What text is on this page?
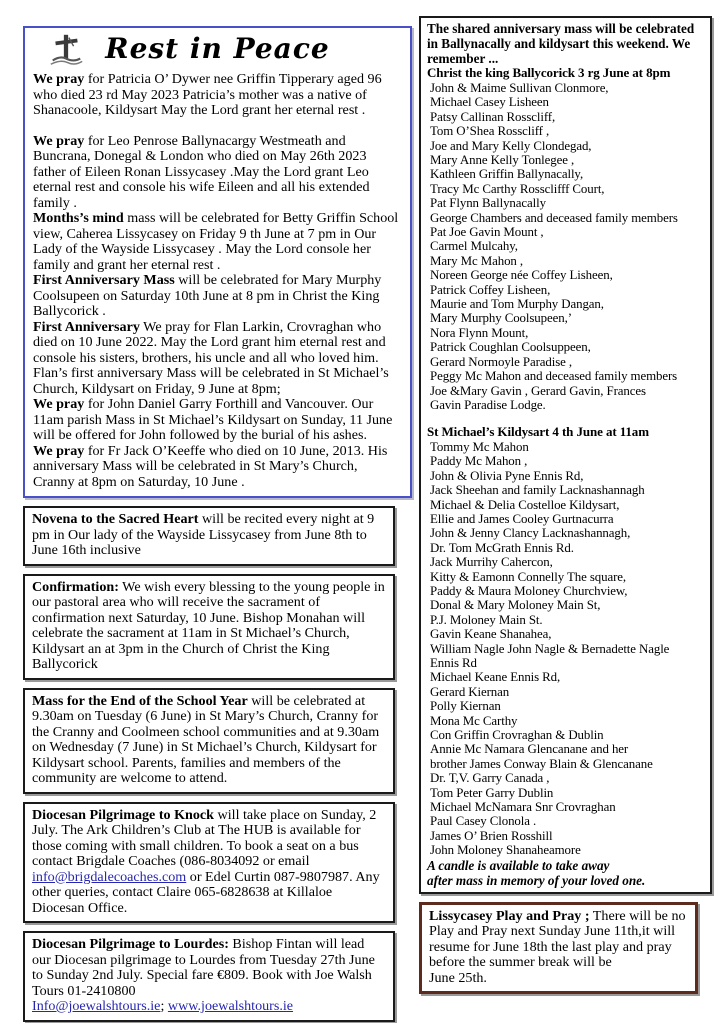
Rest in Peace

We pray for Patricia O’ Dywer nee Griffin Tipperary aged 96 who died 23 rd May 2023 Patricia’s mother was a native of Shanacoole, Kildysart May the Lord grant her eternal rest .

We pray for Leo Penrose Ballynacargy Westmeath and Buncrana, Donegal & London who died on May 26th 2023 father of Eileen Ronan Lissycasey .May the Lord grant Leo eternal rest and console his wife Eileen and all his extended family .

Months’s mind mass will be celebrated for Betty Griffin School view, Caherea Lissycasey on Friday 9 th June at 7 pm in Our Lady of the Wayside Lissycasey . May the Lord console her family and grant her eternal rest .

First Anniversary Mass will be celebrated for Mary Murphy Coolsupeen on Saturday 10th June at 8 pm in Christ the King Ballycorick .

First Anniversary We pray for Flan Larkin, Crovraghan who died on 10 June 2022. May the Lord grant him eternal rest and console his sisters, brothers, his uncle and all who loved him. Flan’s first anniversary Mass will be celebrated in St Michael’s Church, Kildysart on Friday, 9 June at 8pm;

We pray for John Daniel Garry Forthill and Vancouver. Our 11am parish Mass in St Michael’s Kildysart on Sunday, 11 June will be offered for John followed by the burial of his ashes.

We pray for Fr Jack O’Keeffe who died on 10 June, 2013. His anniversary Mass will be celebrated in St Mary’s Church, Cranny at 8pm on Saturday, 10 June .

Novena to the Sacred Heart will be recited every night at 9 pm in Our lady of the Wayside Lissycasey from June 8th to June 16th inclusive

Confirmation: We wish every blessing to the young people in our pastoral area who will receive the sacrament of confirmation next Saturday, 10 June. Bishop Monahan will celebrate the sacrament at 11am in St Michael’s Church, Kildysart an at 3pm in the Church of Christ the King Ballycorick

Mass for the End of the School Year will be celebrated at 9.30am on Tuesday (6 June) in St Mary’s Church, Cranny for the Cranny and Coolmeen school communities and at 9.30am on Wednesday (7 June) in St Michael’s Church, Kildysart for Kildysart school. Parents, families and members of the community are welcome to attend.

Diocesan Pilgrimage to Knock will take place on Sunday, 2 July. The Ark Children’s Club at The HUB is available for those coming with small children. To book a seat on a bus contact Brigdale Coaches (086-8034092 or email info@brigdalecoaches.com or Edel Curtin 087-9807987. Any other queries, contact Claire 065-6828638 at Killaloe Diocesan Office.

Diocesan Pilgrimage to Lourdes: Bishop Fintan will lead our Diocesan pilgrimage to Lourdes from Tuesday 27th June to Sunday 2nd July. Special fare €809. Book with Joe Walsh Tours 01-2410800
Info@joewalshtours.ie; www.joewalshtours.ie

The shared anniversary mass will be celebrated in Ballynacally and kildysart this weekend. We remember ...
Christ the king Ballycorick 3 rg June at 8pm
John & Maime Sullivan Clonmore,
Michael Casey Lisheen
Patsy Callinan Rosscliff,
Tom O’Shea Rosscliff ,
Joe and Mary Kelly Clondegad,
Mary Anne Kelly Tonlegee ,
Kathleen Griffin Ballynacally,
Tracy Mc Carthy Rossclifff Court,
Pat Flynn Ballynacally
George Chambers and deceased family members
Pat Joe Gavin Mount ,
Carmel Mulcahy,
Mary Mc Mahon ,
Noreen George née Coffey Lisheen,
Patrick Coffey Lisheen,
Maurie and Tom Murphy Dangan,
Mary Murphy Coolsupeen,’
Nora Flynn Mount,
Patrick Coughlan Coolsuppeen,
Gerard Normoyle Paradise ,
Peggy Mc Mahon and deceased family members
Joe &Mary Gavin , Gerard Gavin, Frances
Gavin Paradise Lodge.
St Michael’s Kildysart 4 th June at 11am
Tommy Mc Mahon
Paddy Mc Mahon ,
John & Olivia Pyne Ennis Rd,
Jack Sheehan and family Lacknashannagh
Michael & Delia Costelloe Kildysart,
Ellie and James Cooley Gurtnacurra
John & Jenny Clancy Lacknashannagh,
Dr. Tom McGrath Ennis Rd.
Jack Murrihy Cahercon,
Kitty & Eamonn Connelly The square,
Paddy & Maura Moloney Churchview,
Donal & Mary Moloney Main St,
P.J. Moloney Main St.
Gavin Keane Shanahea,
William Nagle John Nagle & Bernadette Nagle
Ennis Rd
Michael Keane Ennis Rd,
Gerard Kiernan
Polly Kiernan
Mona Mc Carthy
Con Griffin Crovraghan & Dublin
Annie Mc Namara Glencanane and her
brother James Conway Blain & Glencanane
Dr. T,V. Garry Canada ,
Tom Peter Garry Dublin
Michael McNamara Snr Crovraghan
Paul Casey Clonola .
James O’ Brien Rosshill
John Moloney Shanaheamore
A candle is available to take away
after mass in memory of your loved one.

Lissycasey Play and Pray ; There will be no Play and Pray next Sunday June 11th,it will resume for June 18th the last play and pray before the summer break will be
June 25th.
